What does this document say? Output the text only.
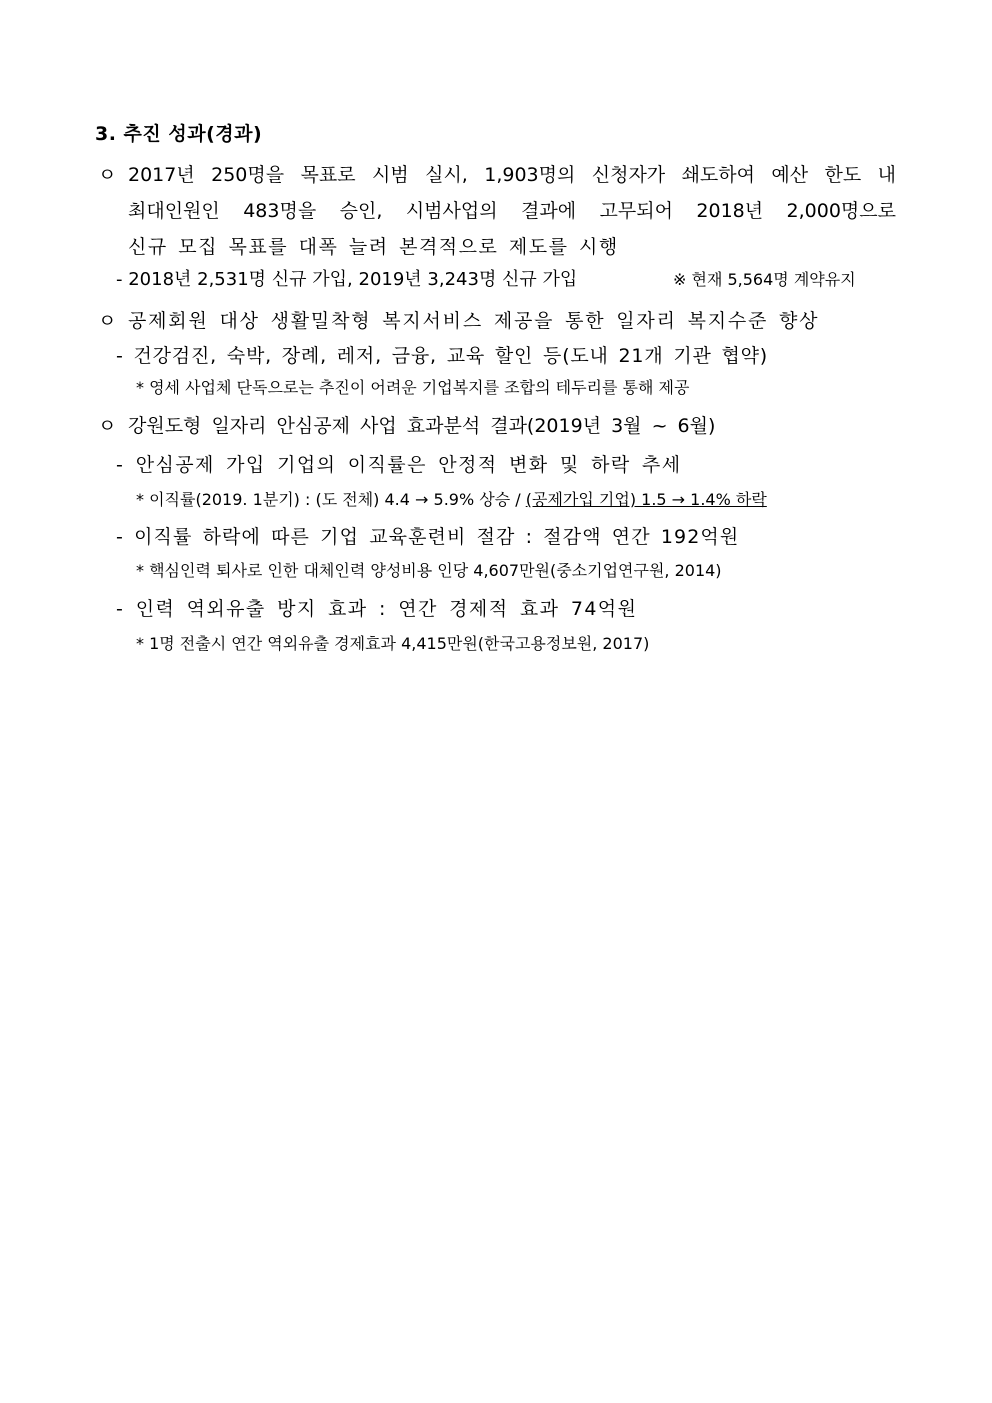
3. 추진 성과(경과)
ㅇ 2017년 250명을 목표로 시범 실시, 1,903명의 신청자가 쇄도하여 예산 한도 내
최대인원인 483명을 승인, 시범사업의 결과에 고무되어 2018년 2,000명으로
신규 모집 목표를 대폭 늘려 본격적으로 제도를 시행
- 2018년 2,531명 신규 가입, 2019년 3,243명 신규 가입	※ 현재 5,564명 계약유지
ㅇ 공제회원 대상 생활밀착형 복지서비스 제공을 통한 일자리 복지수준 향상
- 건강검진, 숙박, 장례, 레저, 금융, 교육 할인 등(도내 21개 기관 협약)
* 영세 사업체 단독으로는 추진이 어려운 기업복지를 조합의 테두리를 통해 제공
ㅇ 강원도형 일자리 안심공제 사업 효과분석 결과(2019년 3월 ~ 6월)
- 안심공제 가입 기업의 이직률은 안정적 변화 및 하락 추세
* 이직률(2019. 1분기) : (도 전체) 4.4 → 5.9% 상승 / (공제가입 기업) 1.5 → 1.4% 하락
- 이직률 하락에 따른 기업 교육훈련비 절감 : 절감액 연간 192억원
* 핵심인력 퇴사로 인한 대체인력 양성비용 인당 4,607만원(중소기업연구원, 2014)
- 인력 역외유출 방지 효과 : 연간 경제적 효과 74억원
* 1명 전출시 연간 역외유출 경제효과 4,415만원(한국고용정보원, 2017)
